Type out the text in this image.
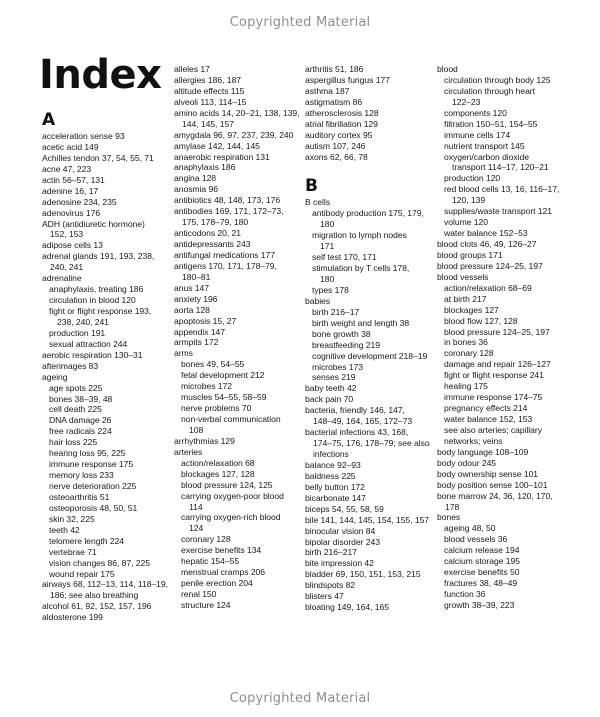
Copyrighted Material
Index
A
acceleration sense 93
acetic acid 149
Achilles tendon 37, 54, 55, 71
acne 47, 223
actin 56–57, 131
adenine 16, 17
adenosine 234, 235
adenovirus 176
ADH (antidiuretic hormone)
152, 153
adipose cells 13
adrenal glands 191, 193, 238,
240, 241
adrenaline
anaphylaxis, treating 186
circulation in blood 120
fight or flight response 193,
238, 240, 241
production 191
sexual attraction 244
aerobic respiration 130–31
afterimages 83
ageing
age spots 225
bones 38–39, 48
cell death 225
DNA damage 26
free radicals 224
hair loss 225
hearing loss 95, 225
immune response 175
memory loss 233
nerve deterioration 225
osteoarthritis 51
osteoporosis 48, 50, 51
skin 32, 225
teeth 42
telomere length 224
vertebrae 71
vision changes 86, 87, 225
wound repair 175
airways 68, 112–13, 114, 118–19,
186; see also breathing
alcohol 61, 92, 152, 157, 196
aldosterone 199
alleles 17
allergies 186, 187
altitude effects 115
alveoli 113, 114–15
amino acids 14, 20–21, 138, 139,
144, 145, 157
amygdala 96, 97, 237, 239, 240
amylase 142, 144, 145
anaerobic respiration 131
anaphylaxis 186
angina 128
anosmia 96
antibiotics 48, 148, 173, 176
antibodies 169, 171, 172–73,
175, 178–79, 180
anticodons 20, 21
antidepressants 243
antifungal medications 177
antigens 170, 171, 178–79,
180–81
anus 147
anxiety 196
aorta 128
apoptosis 15, 27
appendix 147
armpits 172
arms
bones 49, 54–55
fetal development 212
microbes 172
muscles 54–55, 58–59
nerve problems 70
non-verbal communication
108
arrhythmias 129
arteries
action/relaxation 68
blockages 127, 128
blood pressure 124, 125
carrying oxygen-poor blood
114
carrying oxygen-rich blood
124
coronary 128
exercise benefits 134
hepatic 154–55
menstrual cramps 206
penile erection 204
renal 150
structure 124
arthritis 51, 186
aspergillus fungus 177
asthma 187
astigmatism 86
atherosclerosis 128
atrial fibrillation 129
auditory cortex 95
autism 107, 246
axons 62, 66, 78
B
B cells
antibody production 175, 179,
180
migration to lymph nodes
171
self test 170, 171
stimulation by T cells 178,
180
types 178
babies
birth 216–17
birth weight and length 38
bone growth 38
breastfeeding 219
cognitive development 218–19
microbes 173
senses 219
baby teeth 42
back pain 70
bacteria, friendly 146, 147,
148–49, 164, 165, 172–73
bacterial infections 43, 168,
174–75, 176, 178–79; see also
infections
balance 92–93
baldness 225
belly button 172
bicarbonate 147
biceps 54, 55, 58, 59
bile 141, 144, 145, 154, 155, 157
binocular vision 84
bipolar disorder 243
birth 216–217
bite impression 42
bladder 69, 150, 151, 153, 215
blindspots 82
blisters 47
bloating 149, 164, 165
blood
circulation through body 125
circulation through heart
122–23
components 120
filtration 150–51, 154–55
immune cells 174
nutrient transport 145
oxygen/carbon dioxide
transport 114–17, 120–21
production 120
red blood cells 13, 16, 116–17,
120, 139
supplies/waste transport 121
volume 120
water balance 152–53
blood clots 46, 49, 126–27
blood groups 171
blood pressure 124–25, 197
blood vessels
action/relaxation 68–69
at birth 217
blockages 127
blood flow 127, 128
blood pressure 124–25, 197
in bones 36
coronary 128
damage and repair 126–127
fight or flight response 241
healing 175
immune response 174–75
pregnancy effects 214
water balance 152, 153
see also arteries; capillary
networks; veins
body language 108–109
body odour 245
body ownership sense 101
body position sense 100–101
bone marrow 24, 36, 120, 170,
178
bones
ageing 48, 50
blood vessels 36
calcium release 194
calcium storage 195
exercise benefits 50
fractures 38, 48–49
function 36
growth 38–39, 223
Copyrighted Material
